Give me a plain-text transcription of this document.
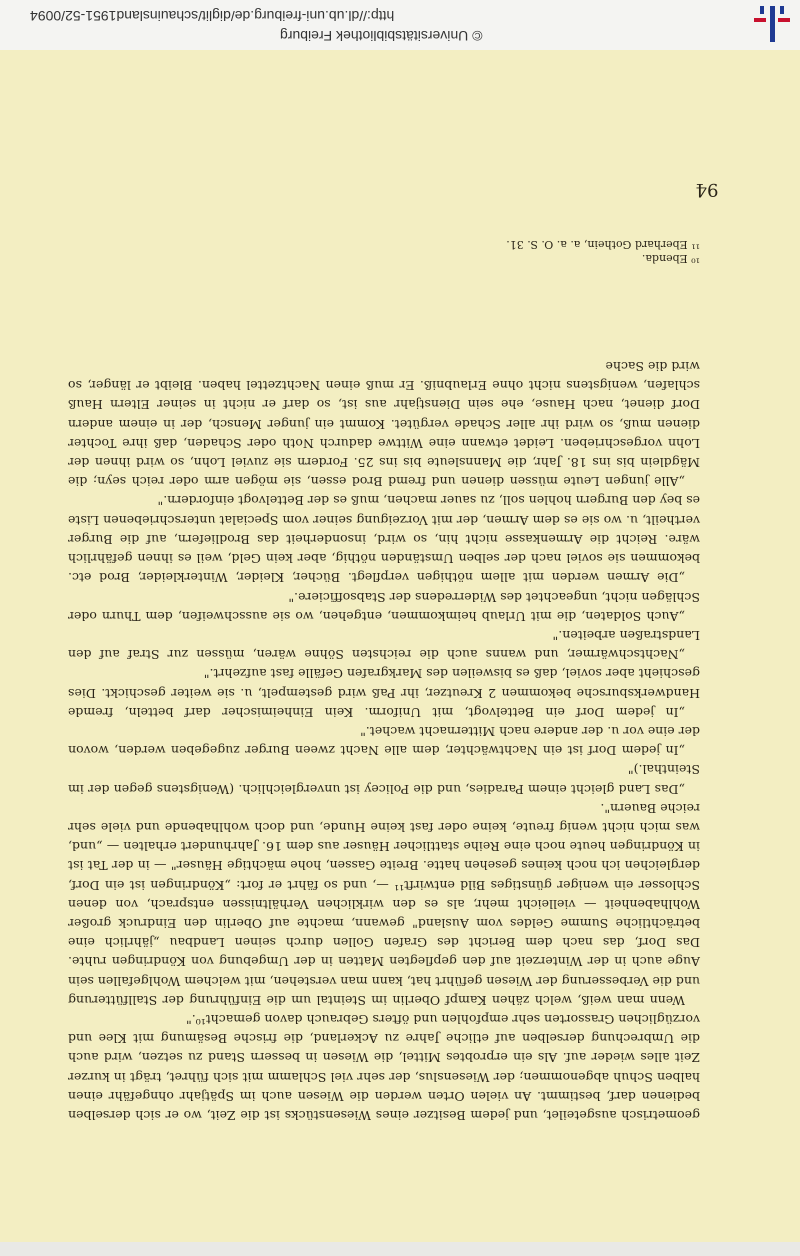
© Universitätsbibliothek Freiburg
http://dl.ub.uni-freiburg.de/diglit/schauinsland1951-52/0094

geometrisch ausgeteilet, und jedem Besitzer eines Wiesenstücks ist die Zeit, wo er sich derselben bedienen darf, bestimmt. An vielen Orten werden die Wiesen auch im Spätjahr ohngefähr einen halben Schuh abgenommen; der Wiesenslus, der sehr viel Schlamm mit sich führet, trägt in kurzer Zeit alles wieder auf. Als ein erprobtes Mittel, die Wiesen in bessern Stand zu setzen, wird auch die Umbrechung derselben auf etliche Jahre zu Ackerland, die frische Besämung mit Klee und vorzüglichen Grassorten sehr empfohlen und öfters Gebrauch davon gemacht¹⁰."

Wenn man weiß, welch zähen Kampf Oberlin im Steintal um die Einführung der Stallfütterung und die Verbesserung der Wiesen geführt hat, kann man verstehen, mit welchem Wohlgefallen sein Auge auch in der Winterzeit auf den gepflegten Matten in der Umgebung von Köndringen ruhte. Das Dorf, das nach dem Bericht des Grafen Gollen durch seinen Landbau „jährlich eine beträchtliche Summe Geldes vom Ausland" gewann, machte auf Oberlin den Eindruck großer Wohlhabenheit — vielleicht mehr, als es den wirklichen Verhältnissen entsprach, von denen Schlosser ein weniger günstiges Bild entwirft¹¹ —, und so fährt er fort: „Köndringen ist ein Dorf, dergleichen ich noch keines gesehen hatte. Breite Gassen, hohe mächtige Häuser" — in der Tat ist in Köndringen heute noch eine Reihe stattlicher Häuser aus dem 16. Jahrhundert erhalten — „und, was mich nicht wenig freute, keine oder fast keine Hunde, und doch wohlhabende und viele sehr reiche Bauern".

„Das Land gleicht einem Paradies, und die Policey ist unvergleichlich. (Wenigstens gegen der im Steinthal.)"

„In jedem Dorf ist ein Nachtwächter, dem alle Nacht zween Burger zugegeben werden, wovon der eine vor u. der andere nach Mitternacht wachet."

„In jedem Dorf ein Bettelvogt, mit Uniform. Kein Einheimischer darf betteln, fremde Handwerksbursche bekommen 2 Kreutzer, ihr Paß wird gestempelt, u. sie weiter geschickt. Dies geschieht aber soviel, daß es bisweilen des Markgrafen Gefälle fast aufzehrt."

„Nachtschwärmer, und wanns auch die reichsten Söhne wären, müssen zur Straf auf den Landstraßen arbeiten."

„Auch Soldaten, die mit Urlaub heimkommen, entgehen, wo sie ausschweifen, dem Thurn oder Schlägen nicht, ungeachtet des Widerredens der Stabsofficiere."

„Die Armen werden mit allem nöthigen verpflegt. Bücher, Kleider, Winterkleider, Brod etc. bekommen sie soviel nach der selben Umständen nöthig, aber kein Geld, weil es ihnen gefährlich wäre. Reicht die Armenkasse nicht hin, so wird, insonderheit das Brodliefern, auf die Burger vertheilt, u. wo sie es dem Armen, der mit Vorzeigung seiner vom Specialat unterschriebenen Liste es bey den Burgern hohlen soll, zu sauer machen, muß es der Bettelvogt einfordern."

„Alle jungen Leute müssen dienen und fremd Brod essen, sie mögen arm oder reich seyn; die Mägdlein bis ins 18. Jahr, die Mannsleute bis ins 25. Fordern sie zuviel Lohn, so wird ihnen der Lohn vorgeschrieben. Leidet etwann eine Wittwe dadurch Noth oder Schaden, daß ihre Tochter dienen muß, so wird ihr aller Schade vergütet. Kommt ein junger Mensch, der in einem andern Dorf dienet, nach Hause, ehe sein Dienstjahr aus ist, so darf er nicht in seiner Eltern Hauß schlafen, wenigstens nicht ohne Erlaubniß. Er muß einen Nachtzettel haben. Bleibt er länger, so wird die Sache

¹⁰ Ebenda.

¹¹ Eberhard Gothein, a. a. O. S. 31.

94
